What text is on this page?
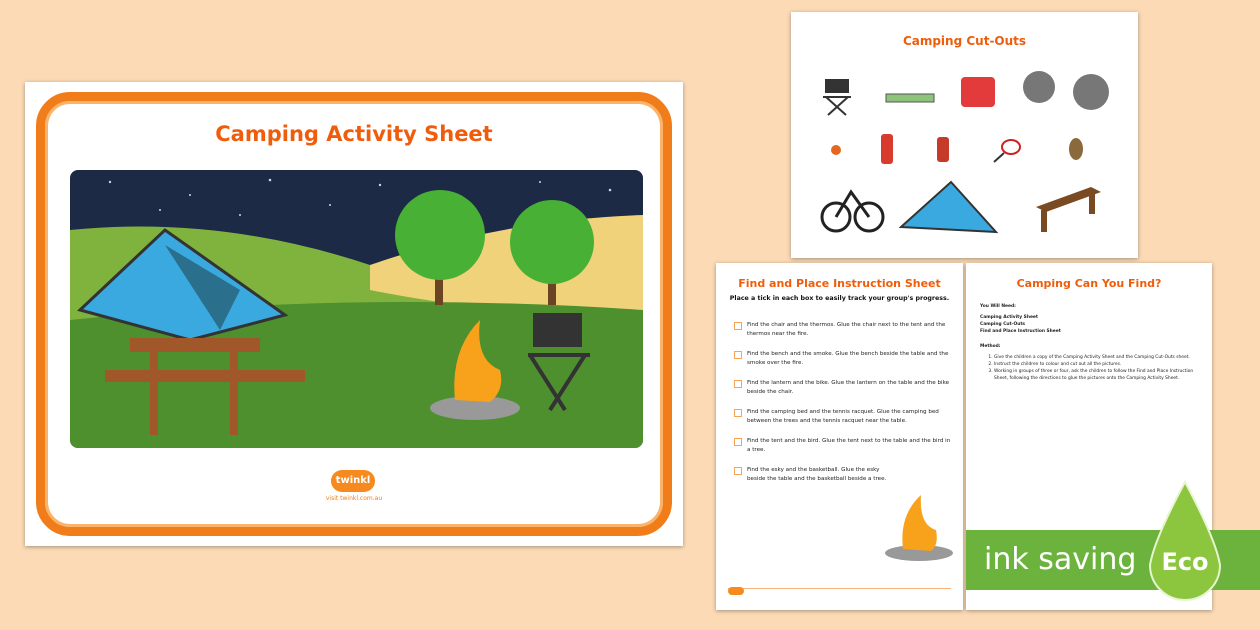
Camping Activity Sheet
twinkl
visit twinkl.com.au
Camping Cut-Outs
Find and Place Instruction Sheet
Place a tick in each box to easily track your group's progress.
Find the chair and the thermos. Glue the chair next to the tent and the thermos near the fire.
Find the bench and the smoke. Glue the bench beside the table and the smoke over the fire.
Find the lantern and the bike. Glue the lantern on the table and the bike beside the chair.
Find the camping bed and the tennis racquet. Glue the camping bed between the trees and the tennis racquet near the table.
Find the tent and the bird. Glue the tent next to the table and the bird in a tree.
Find the esky and the basketball. Glue the esky beside the table and the basketball beside a tree.
Camping Can You Find?

You Will Need:

Camping Activity Sheet

Camping Cut-Outs

Find and Place Instruction Sheet

Method:

1. Give the children a copy of the Camping Activity Sheet and the Camping Cut-Outs sheet.
2. Instruct the children to colour and cut out all the pictures.
3. Working in groups of three or four, ask the children to follow the Find and Place Instruction Sheet, following the directions to glue the pictures onto the Camping Activity Sheet.
ink saving Eco
